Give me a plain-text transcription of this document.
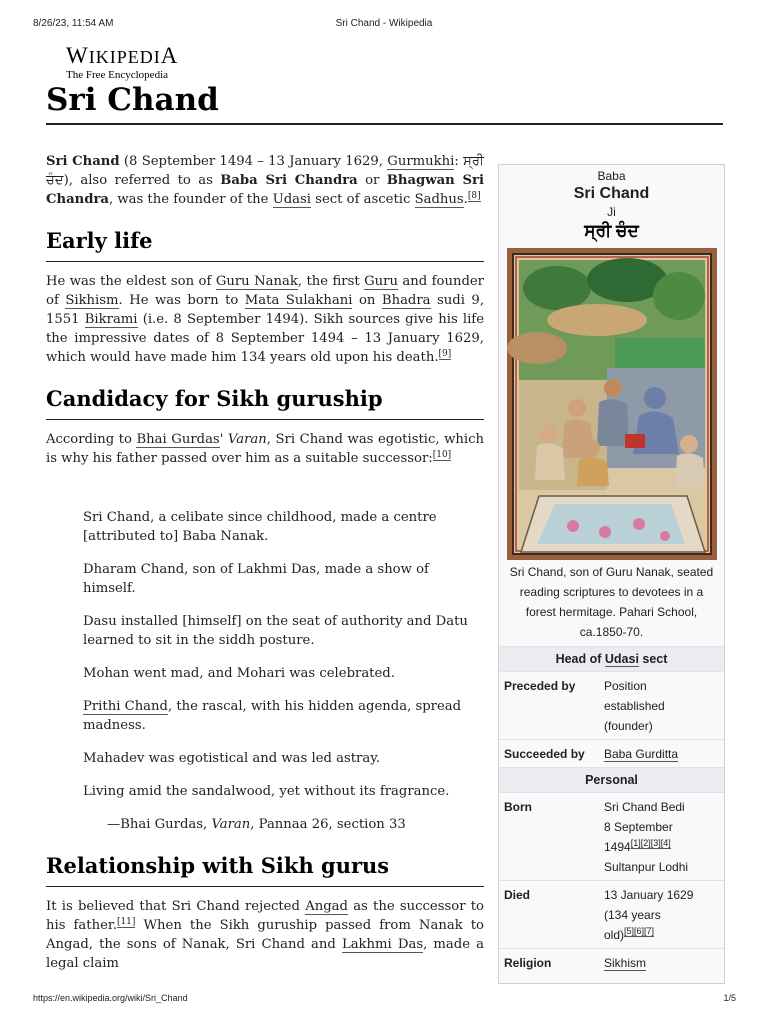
8/26/23, 11:54 AM	Sri Chand - Wikipedia
WIKIPEDIA
The Free Encyclopedia
Sri Chand

Sri Chand (8 September 1494 – 13 January 1629, Gurmukhi: ਸ੍ਰੀ ਚੰਦ), also referred to as Baba Sri Chandra or Bhagwan Sri Chandra, was the founder of the Udasi sect of ascetic Sadhus.[8]

Early life

He was the eldest son of Guru Nanak, the first Guru and founder of Sikhism. He was born to Mata Sulakhani on Bhadra sudi 9, 1551 Bikrami (i.e. 8 September 1494). Sikh sources give his life the impressive dates of 8 September 1494 – 13 January 1629, which would have made him 134 years old upon his death.[9]

Candidacy for Sikh guruship

According to Bhai Gurdas' Varan, Sri Chand was egotistic, which is why his father passed over him as a suitable successor:[10]

Sri Chand, a celibate since childhood, made a centre [attributed to] Baba Nanak.

Dharam Chand, son of Lakhmi Das, made a show of himself.

Dasu installed [himself] on the seat of authority and Datu learned to sit in the siddh posture.

Mohan went mad, and Mohari was celebrated.

Prithi Chand, the rascal, with his hidden agenda, spread madness.

Mahadev was egotistical and was led astray.

Living amid the sandalwood, yet without its fragrance.

—Bhai Gurdas, Varan, Pannaa 26, section 33

Relationship with Sikh gurus

It is believed that Sri Chand rejected Angad as the successor to his father.[11] When the Sikh guruship passed from Nanak to Angad, the sons of Nanak, Sri Chand and Lakhmi Das, made a legal claim

Baba
Sri Chand
Ji
ਸ੍ਰੀ ਚੰਦ
Sri Chand, son of Guru Nanak, seated reading scriptures to devotees in a forest hermitage. Pahari School, ca.1850-70.
Head of Udasi sect
Preceded by	Position
established
(founder)
Succeeded by	Baba Gurditta
Personal
Born	Sri Chand Bedi
8 September
1494[1][2][3][4]
Sultanpur Lodhi
Died	13 January 1629
(134 years
old)[5][6][7]
Religion	Sikhism
https://en.wikipedia.org/wiki/Sri_Chand	1/5
